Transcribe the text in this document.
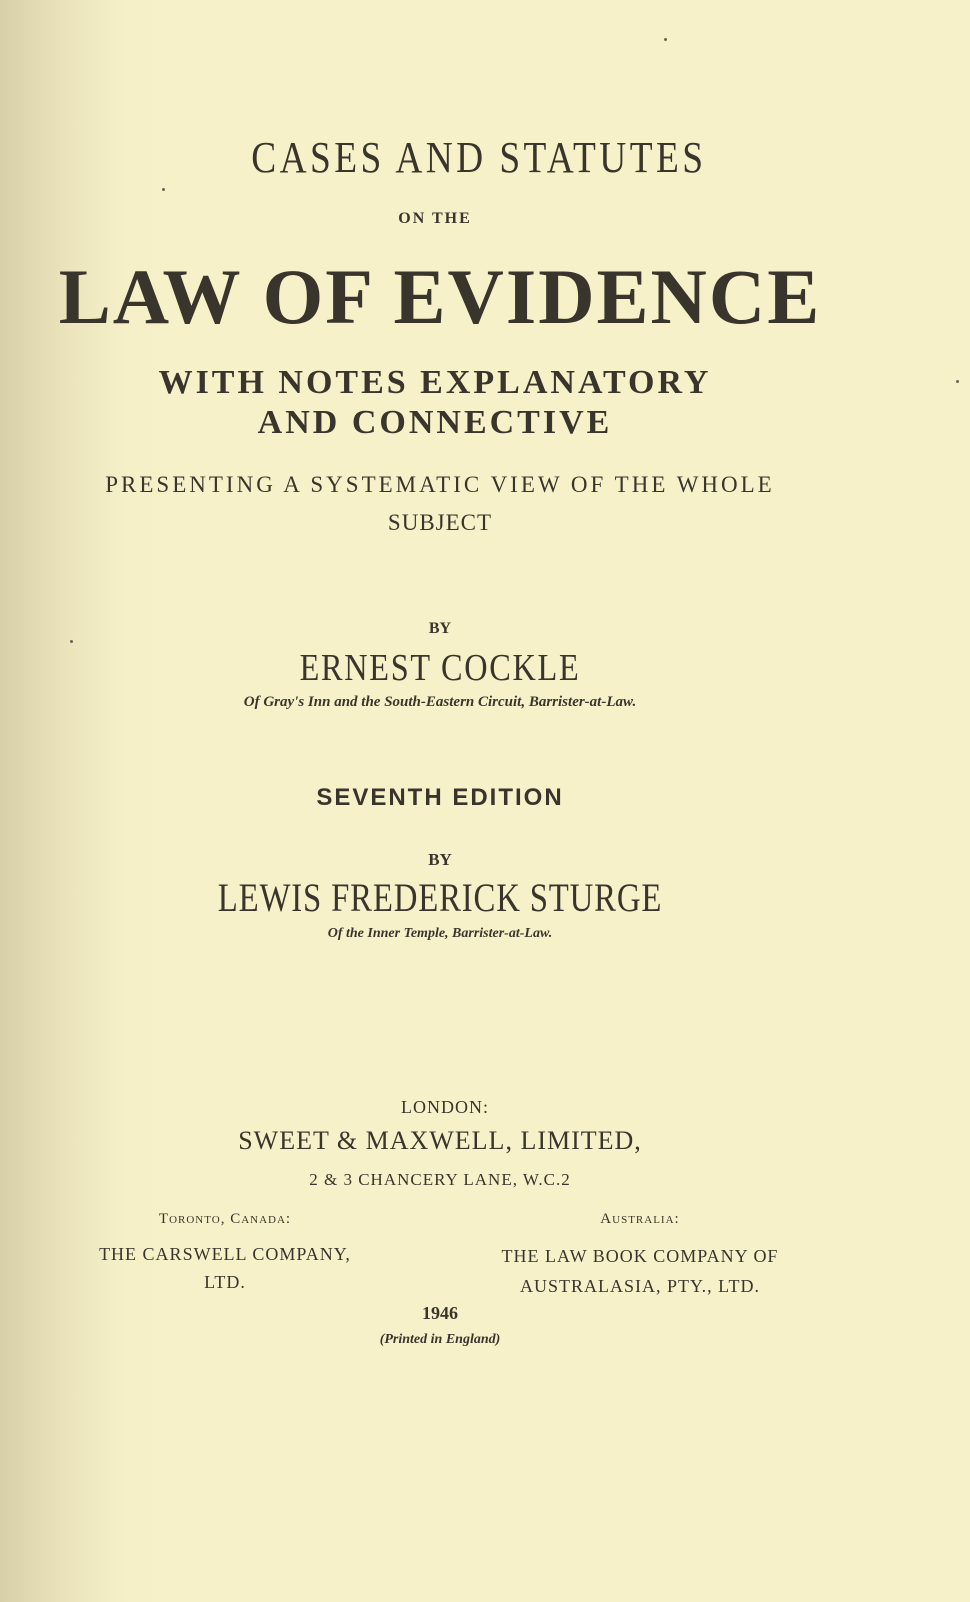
CASES AND STATUTES
ON THE
LAW OF EVIDENCE
WITH NOTES EXPLANATORY
AND CONNECTIVE
PRESENTING A SYSTEMATIC VIEW OF THE WHOLE
SUBJECT
BY
ERNEST COCKLE
Of Gray's Inn and the South-Eastern Circuit, Barrister-at-Law.
SEVENTH EDITION
BY
LEWIS FREDERICK STURGE
Of the Inner Temple, Barrister-at-Law.
LONDON:
SWEET & MAXWELL, LIMITED,
2 & 3 CHANCERY LANE, W.C.2
Toronto, Canada:
THE CARSWELL COMPANY,
LTD.
Australia:
THE LAW BOOK COMPANY OF
AUSTRALASIA, PTY., LTD.
1946
(Printed in England)
